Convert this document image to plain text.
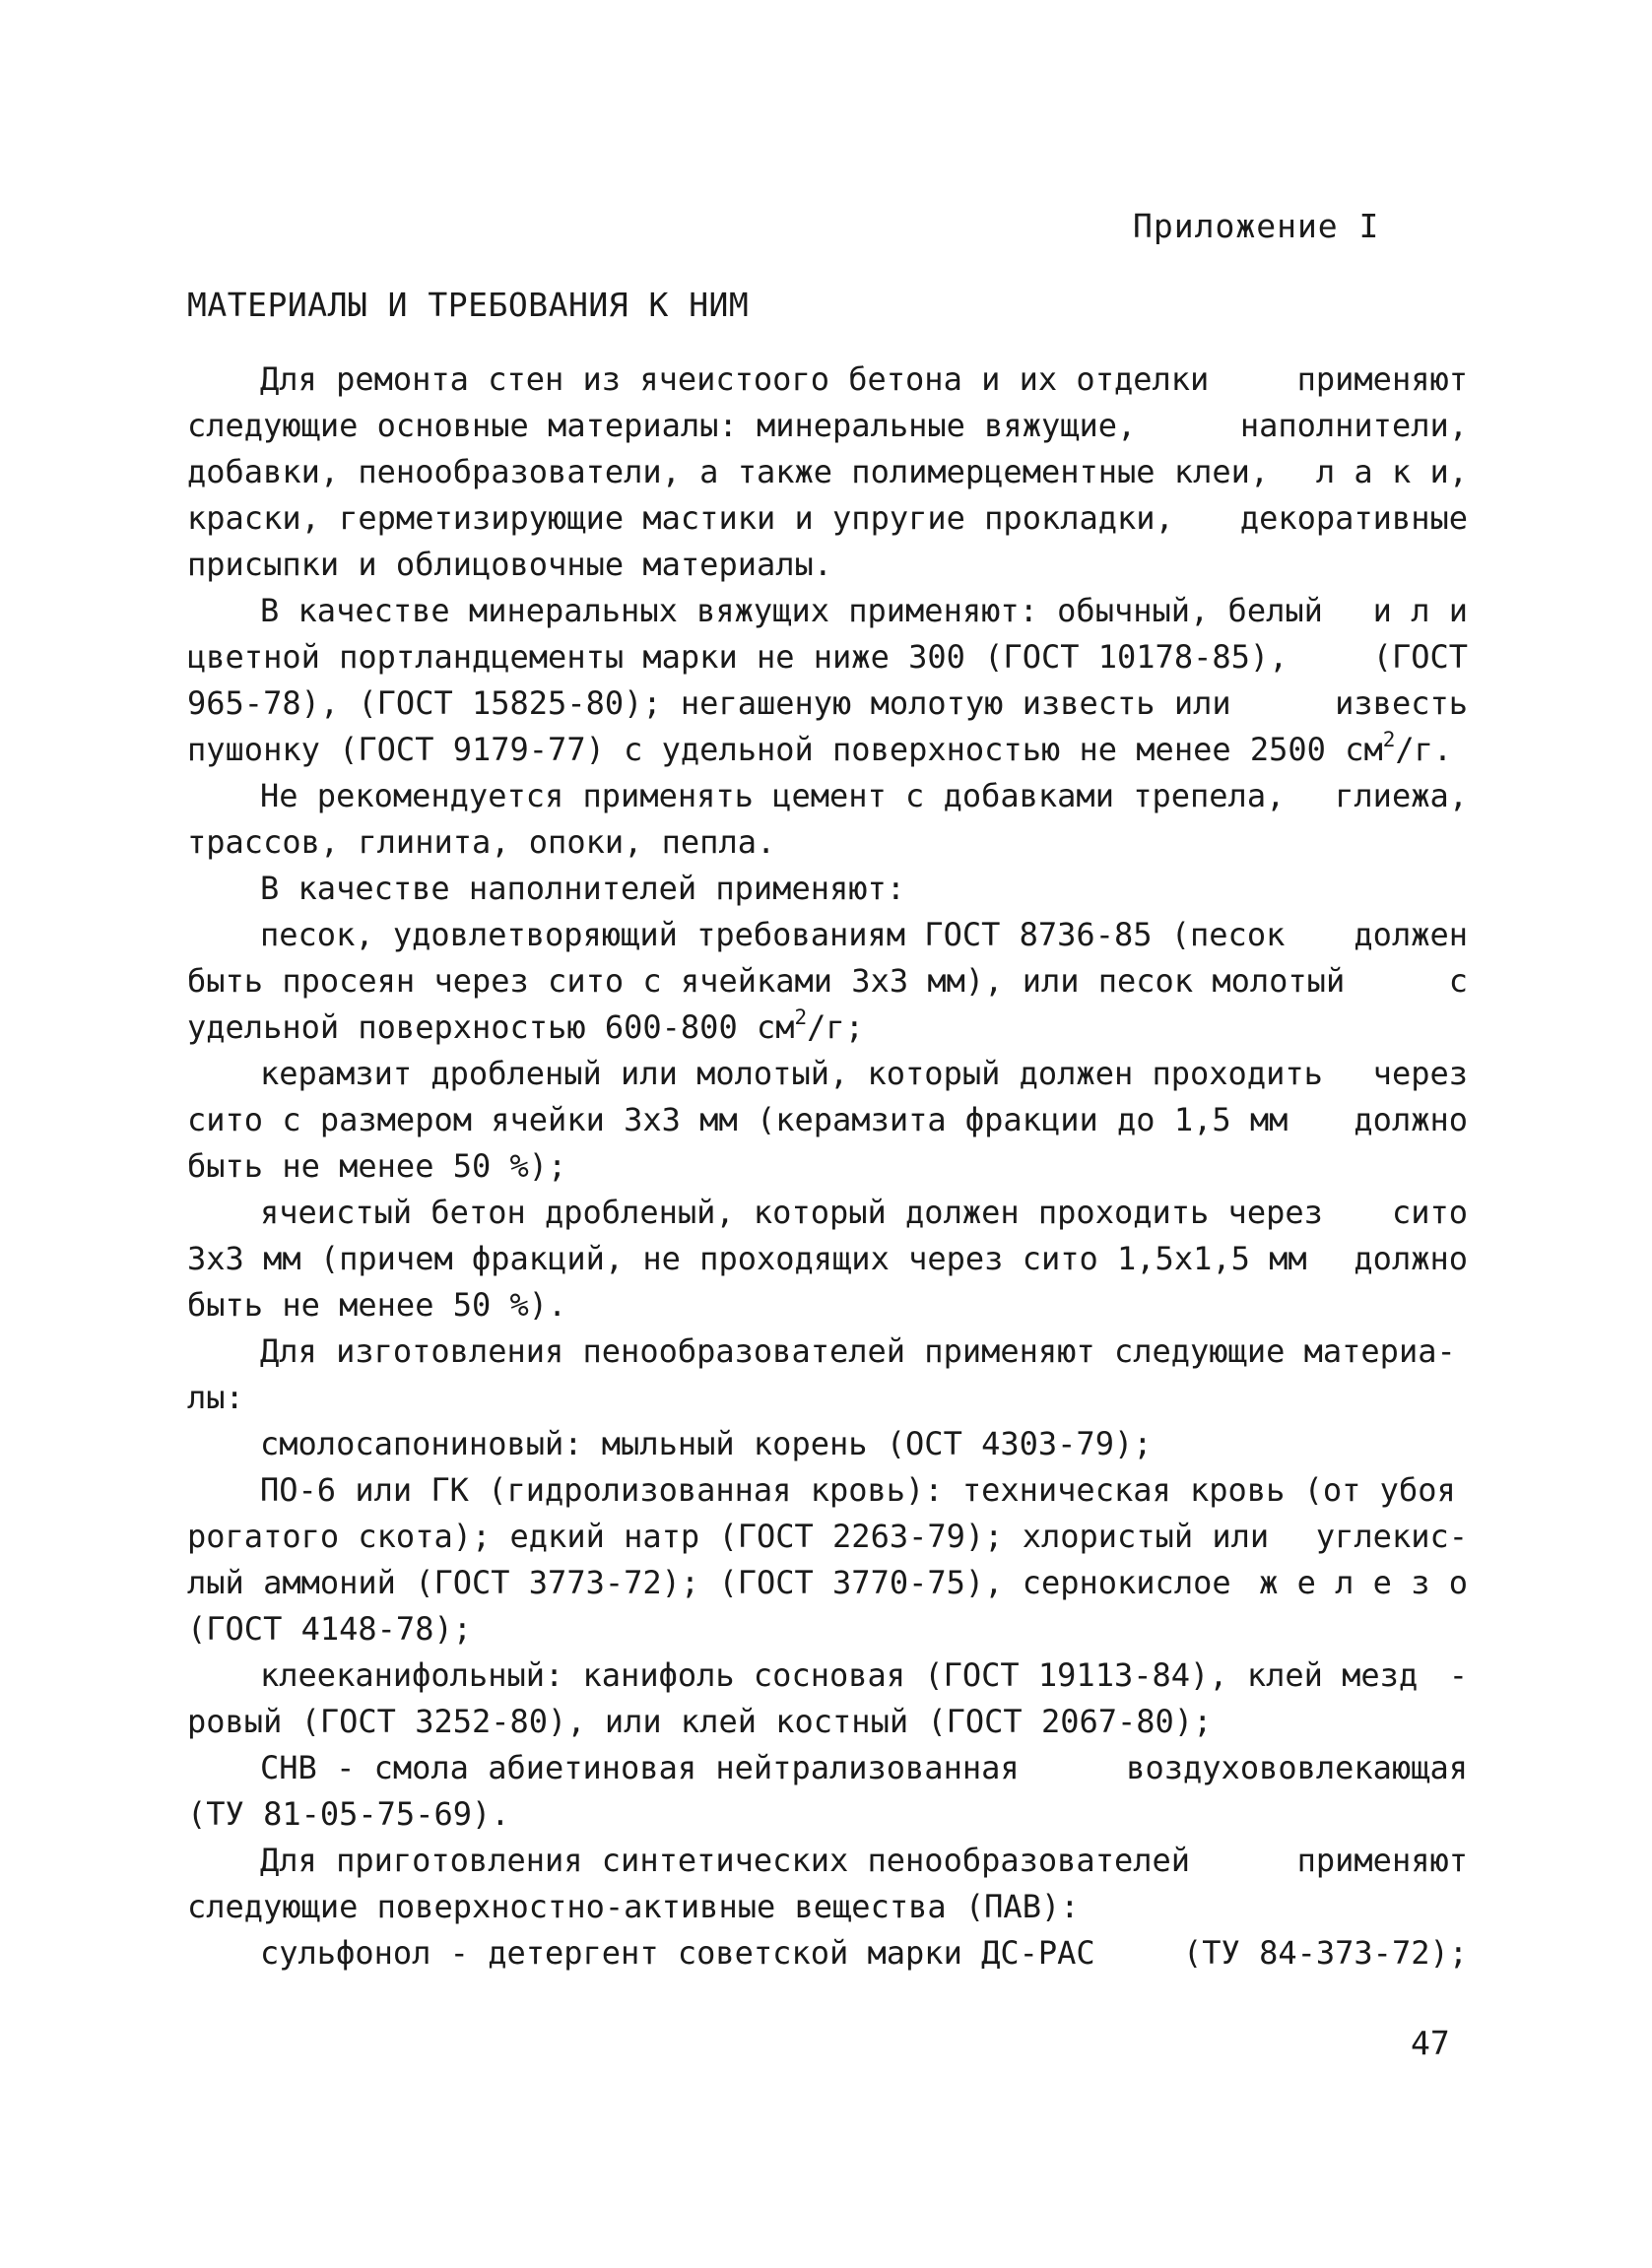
Приложение I
МАТЕРИАЛЫ И ТРЕБОВАНИЯ К НИМ
Для ремонта стен из ячеистоого бетона и их отделки	применяют
следующие основные материалы: минеральные вяжущие,	наполнители,
добавки, пенообразователи, а также полимерцементные клеи, л а к и,
краски, герметизирующие мастики и упругие прокладки, декоративные
присыпки и облицовочные материалы.
В качестве минеральных вяжущих применяют: обычный, белый и л и
цветной портландцементы марки не ниже 300 (ГОСТ 10178-85),	(ГОСТ
965-78), (ГОСТ 15825-80); негашеную молотую известь или	известь
пушонку (ГОСТ 9179-77) с удельной поверхностью не менее 2500 $см^2/г$.
Не рекомендуется применять цемент с добавками трепела, глиежа,
трассов, глинита, опоки, пепла.
В качестве наполнителей применяют:
песок, удовлетворяющий требованиям ГОСТ 8736-85 (песок должен
быть просеян через сито с ячейками 3х3 мм), или песок молотый	с
удельной поверхностью 600-800 $см^2/г$;
керамзит дробленый или молотый, который должен проходить через
сито с размером ячейки 3х3 мм (керамзита фракции до 1,5 мм должно
быть не менее 50 %);
ячеистый бетон дробленый, который должен проходить через сито
3х3 мм (причем фракций, не проходящих через сито 1,5х1,5 мм должно
быть не менее 50 %).
Для изготовления пенообразователей применяют следующие материа-
лы:
смолосапониновый: мыльный корень (ОСТ 4303-79);
ПО-6 или ГК (гидролизованная кровь): техническая кровь (от убоя
рогатого скота); едкий натр (ГОСТ 2263-79); хлористый или углекис-
лый аммоний (ГОСТ 3773-72); (ГОСТ 3770-75), сернокислое ж е л е з о
(ГОСТ 4148-78);
клееканифольный: канифоль сосновая (ГОСТ 19113-84), клей мезд -
ровый (ГОСТ 3252-80), или клей костный (ГОСТ 2067-80);
СНВ - смола абиетиновая нейтрализованная	воздухововлекающая
(ТУ 81-05-75-69).
Для приготовления синтетических пенообразователей	применяют
следующие поверхностно-активные вещества (ПАВ):
сульфонол - детергент советской марки ДС-РАС	(ТУ 84-373-72);
47
